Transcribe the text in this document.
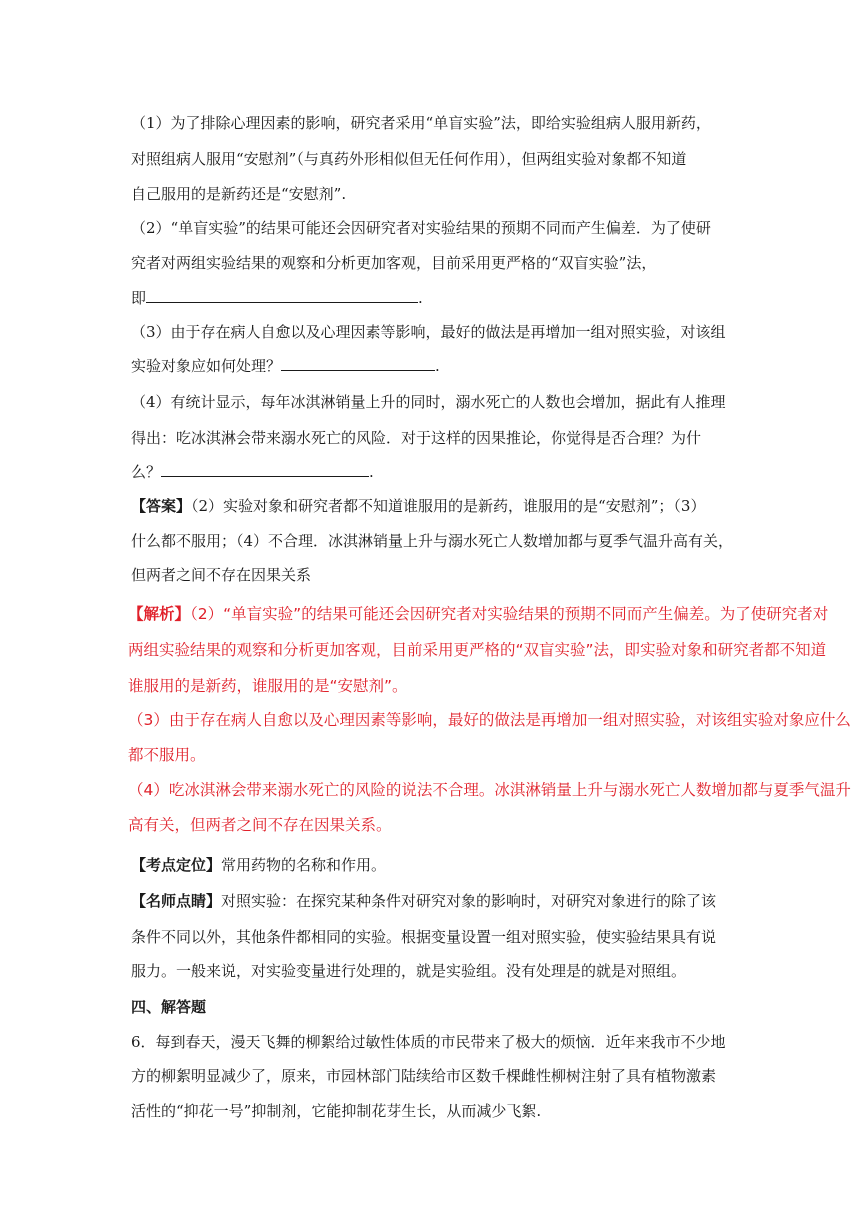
（1）为了排除心理因素的影响，研究者采用“单盲实验”法，即给实验组病人服用新药，
对照组病人服用“安慰剂”（与真药外形相似但无任何作用），但两组实验对象都不知道
自己服用的是新药还是“安慰剂”.
（2）“单盲实验”的结果可能还会因研究者对实验结果的预期不同而产生偏差．为了使研
究者对两组实验结果的观察和分析更加客观，目前采用更严格的“双盲实验”法，
即	.
（3）由于存在病人自愈以及心理因素等影响，最好的做法是再增加一组对照实验，对该组
实验对象应如何处理？	.
（4）有统计显示，每年冰淇淋销量上升的同时，溺水死亡的人数也会增加，据此有人推理
得出：吃冰淇淋会带来溺水死亡的风险．对于这样的因果推论，你觉得是否合理？为什
么？	.
【答案】（2）实验对象和研究者都不知道谁服用的是新药，谁服用的是“安慰剂”；（3）
什么都不服用；（4）不合理．冰淇淋销量上升与溺水死亡人数增加都与夏季气温升高有关，
但两者之间不存在因果关系
【解析】（2）“单盲实验”的结果可能还会因研究者对实验结果的预期不同而产生偏差。为了使研究者对
两组实验结果的观察和分析更加客观，目前采用更严格的“双盲实验”法，即实验对象和研究者都不知道
谁服用的是新药，谁服用的是“安慰剂”。
（3）由于存在病人自愈以及心理因素等影响，最好的做法是再增加一组对照实验，对该组实验对象应什么
都不服用。
（4）吃冰淇淋会带来溺水死亡的风险的说法不合理。冰淇淋销量上升与溺水死亡人数增加都与夏季气温升
高有关，但两者之间不存在因果关系。
【考点定位】常用药物的名称和作用。
【名师点睛】对照实验：在探究某种条件对研究对象的影响时，对研究对象进行的除了该
条件不同以外，其他条件都相同的实验。根据变量设置一组对照实验，使实验结果具有说
服力。一般来说，对实验变量进行处理的，就是实验组。没有处理是的就是对照组。
四、解答题
6．每到春天，漫天飞舞的柳絮给过敏性体质的市民带来了极大的烦恼．近年来我市不少地
方的柳絮明显减少了，原来，市园林部门陆续给市区数千棵雌性柳树注射了具有植物激素
活性的“抑花一号”抑制剂，它能抑制花芽生长，从而减少飞絮.
